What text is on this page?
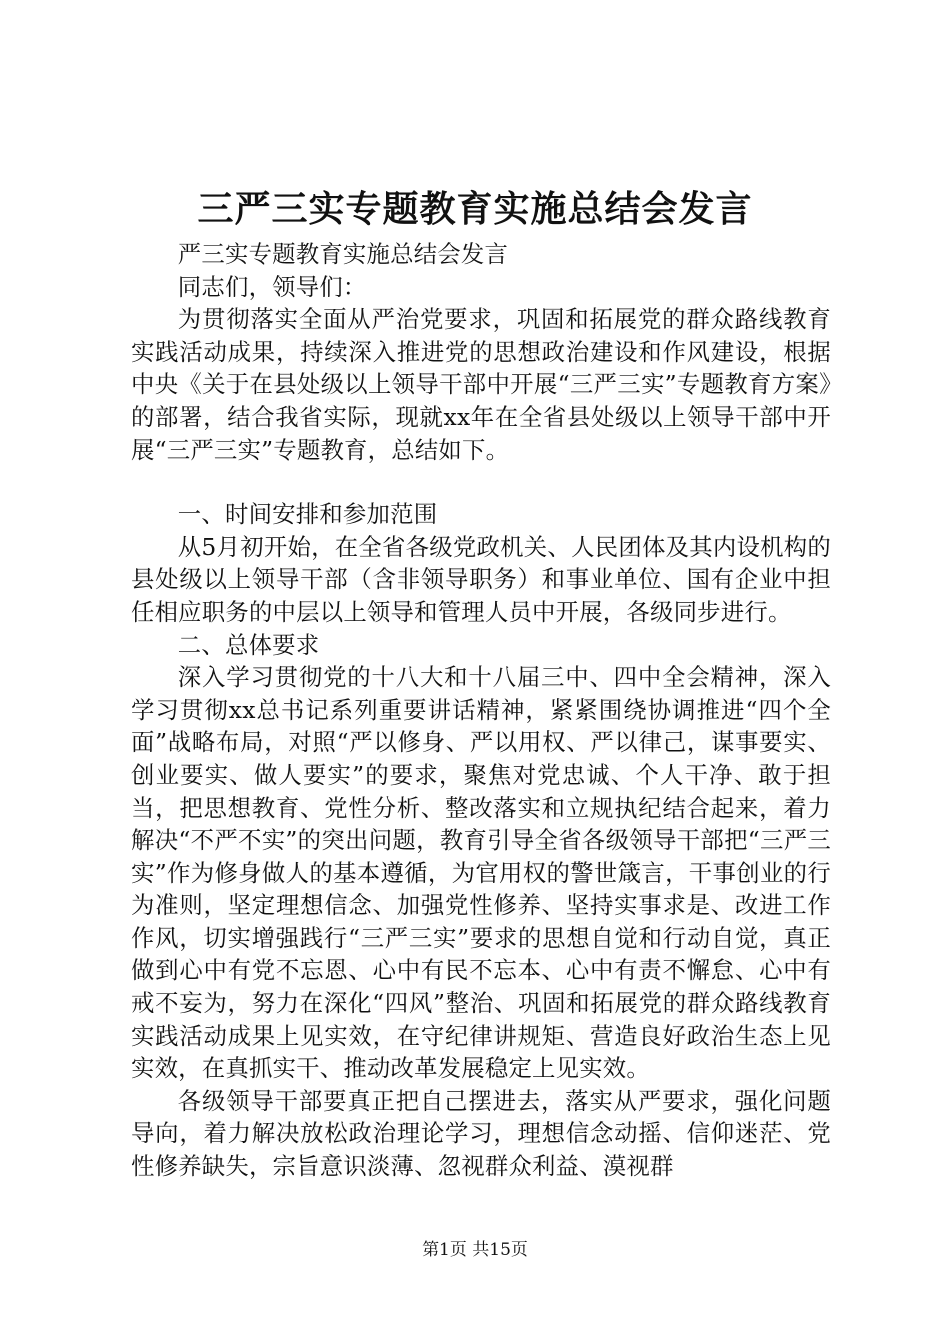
三严三实专题教育实施总结会发言

严三实专题教育实施总结会发言

同志们，领导们：

为贯彻落实全面从严治党要求，巩固和拓展党的群众路线教育实践活动成果，持续深入推进党的思想政治建设和作风建设，根据中央《关于在县处级以上领导干部中开展“三严三实”专题教育方案》的部署，结合我省实际，现就xx年在全省县处级以上领导干部中开展“三严三实”专题教育，总结如下。

一、时间安排和参加范围

从5月初开始，在全省各级党政机关、人民团体及其内设机构的县处级以上领导干部（含非领导职务）和事业单位、国有企业中担任相应职务的中层以上领导和管理人员中开展，各级同步进行。

二、总体要求

深入学习贯彻党的十八大和十八届三中、四中全会精神，深入学习贯彻xx总书记系列重要讲话精神，紧紧围绕协调推进“四个全面”战略布局，对照“严以修身、严以用权、严以律己，谋事要实、创业要实、做人要实”的要求，聚焦对党忠诚、个人干净、敢于担当，把思想教育、党性分析、整改落实和立规执纪结合起来，着力解决“不严不实”的突出问题，教育引导全省各级领导干部把“三严三实”作为修身做人的基本遵循，为官用权的警世箴言，干事创业的行为准则，坚定理想信念、加强党性修养、坚持实事求是、改进工作作风，切实增强践行“三严三实”要求的思想自觉和行动自觉，真正做到心中有党不忘恩、心中有民不忘本、心中有责不懈怠、心中有戒不妄为，努力在深化“四风”整治、巩固和拓展党的群众路线教育实践活动成果上见实效，在守纪律讲规矩、营造良好政治生态上见实效，在真抓实干、推动改革发展稳定上见实效。

各级领导干部要真正把自己摆进去，落实从严要求，强化问题导向，着力解决放松政治理论学习，理想信念动摇、信仰迷茫、党性修养缺失，宗旨意识淡薄、忽视群众利益、漠视群

第1页 共15页
